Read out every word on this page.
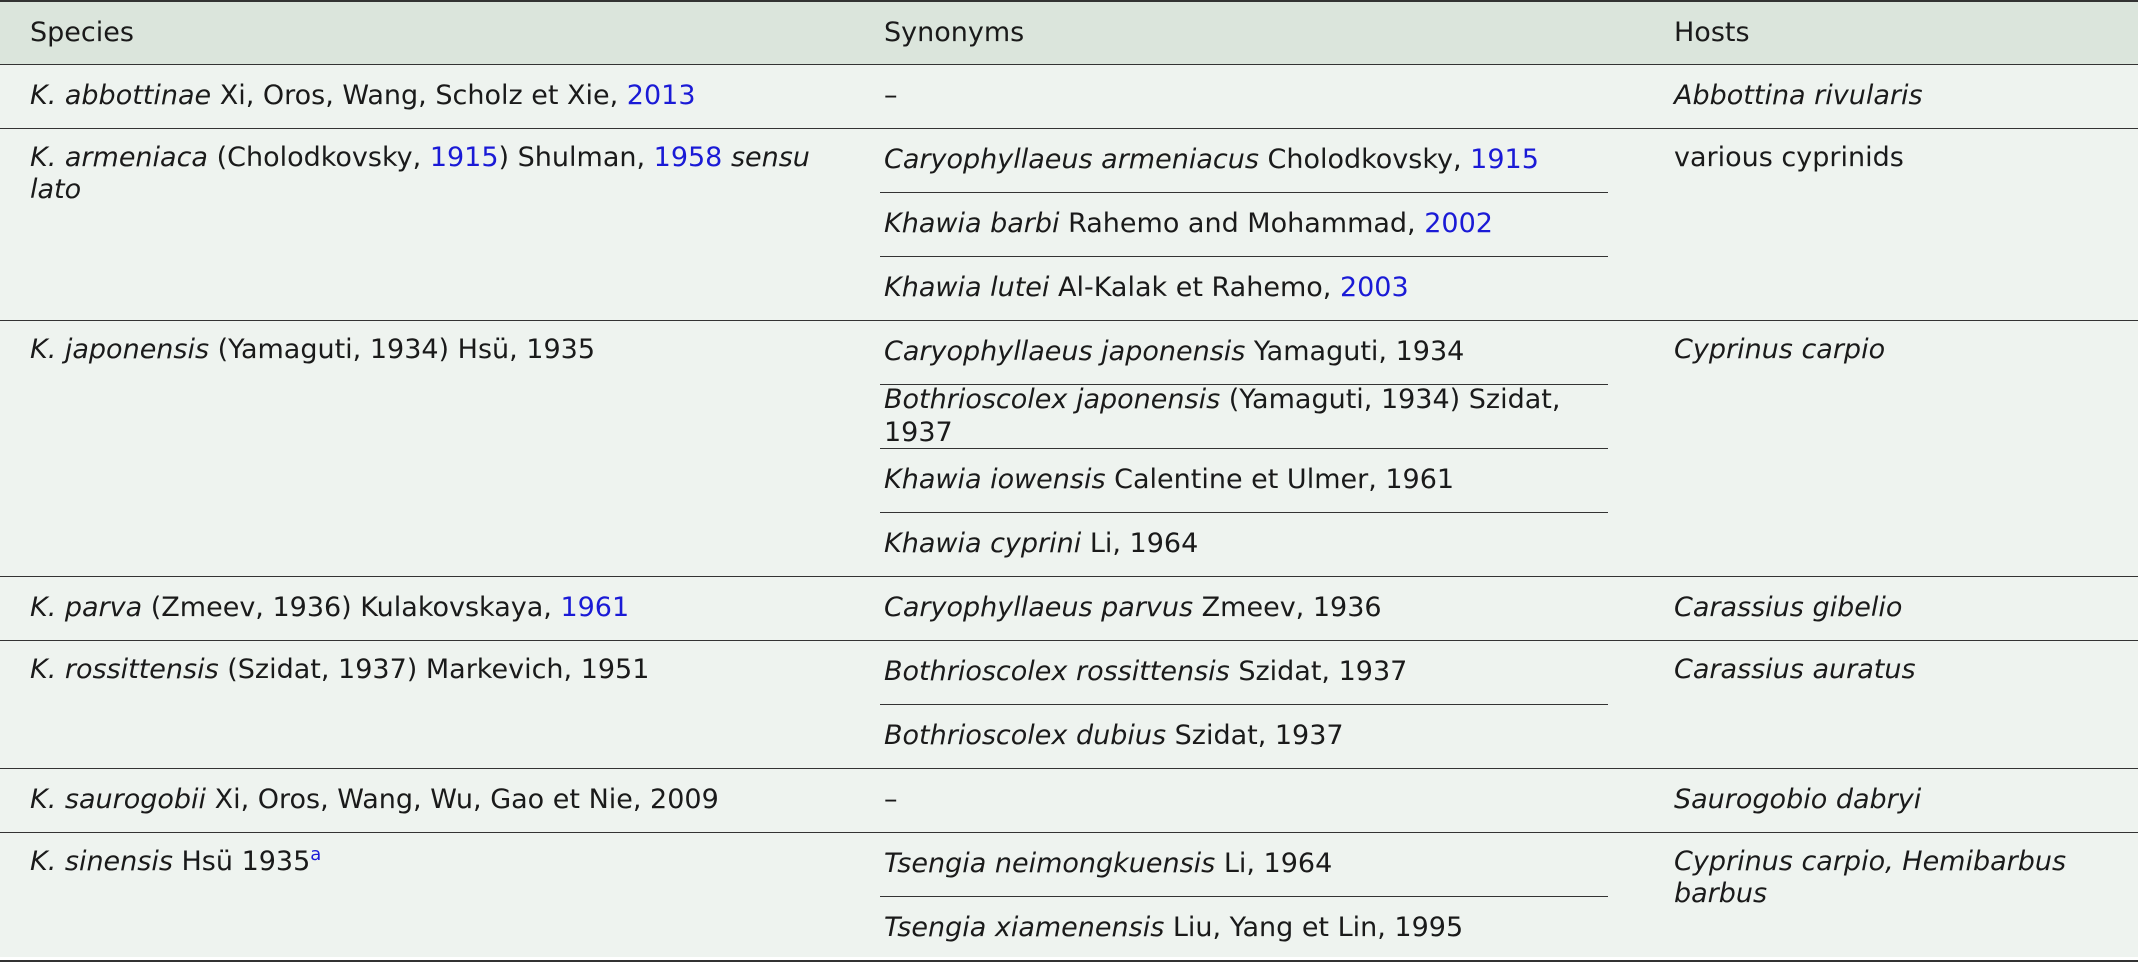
Species	Synonyms	Hosts
K. abbottinae Xi, Oros, Wang, Scholz et Xie, 2013	–	Abbottina rivularis
K. armeniaca (Cholodkovsky, 1915) Shulman, 1958 sensu lato	Caryophyllaeus armeniacus Cholodkovsky, 1915	various cyprinids

	Khawia barbi Rahemo and Mohammad, 2002	

	Khawia lutei Al-Kalak et Rahemo, 2003	

K. japonensis (Yamaguti, 1934) Hsü, 1935	Caryophyllaeus japonensis Yamaguti, 1934	Cyprinus carpio

	Bothrioscolex japonensis (Yamaguti, 1934) Szidat, 1937	

	Khawia iowensis Calentine et Ulmer, 1961	

	Khawia cyprini Li, 1964	

K. parva (Zmeev, 1936) Kulakovskaya, 1961	Caryophyllaeus parvus Zmeev, 1936	Carassius gibelio
K. rossittensis (Szidat, 1937) Markevich, 1951	Bothrioscolex rossittensis Szidat, 1937	Carassius auratus

	Bothrioscolex dubius Szidat, 1937	

K. saurogobii Xi, Oros, Wang, Wu, Gao et Nie, 2009	–	Saurogobio dabryi
K. sinensis Hsü 1935$^a$	Tsengia neimongkuensis Li, 1964	Cyprinus carpio, Hemibarbus barbus

	Tsengia xiamenensis Liu, Yang et Lin, 1995	
